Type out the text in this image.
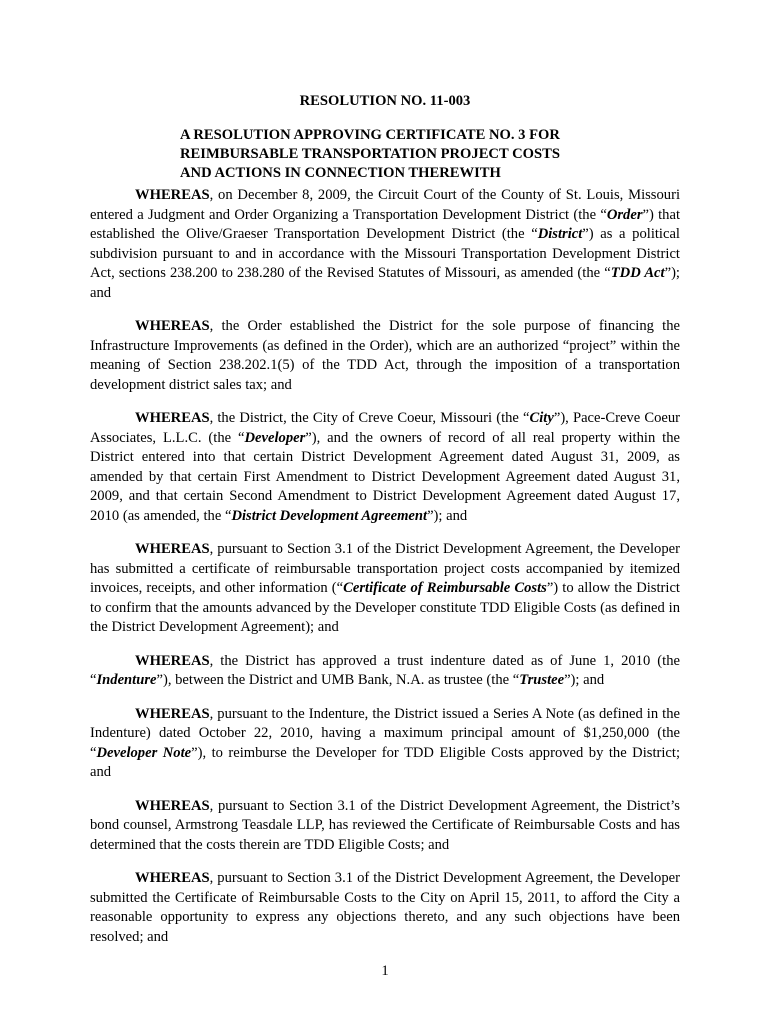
RESOLUTION NO. 11-003

A RESOLUTION APPROVING CERTIFICATE NO. 3 FOR
REIMBURSABLE TRANSPORTATION PROJECT COSTS
AND ACTIONS IN CONNECTION THEREWITH

WHEREAS, on December 8, 2009, the Circuit Court of the County of St. Louis, Missouri entered a Judgment and Order Organizing a Transportation Development District (the “Order”) that established the Olive/Graeser Transportation Development District (the “District”) as a political subdivision pursuant to and in accordance with the Missouri Transportation Development District Act, sections 238.200 to 238.280 of the Revised Statutes of Missouri, as amended (the “TDD Act”); and

WHEREAS, the Order established the District for the sole purpose of financing the Infrastructure Improvements (as defined in the Order), which are an authorized “project” within the meaning of Section 238.202.1(5) of the TDD Act, through the imposition of a transportation development district sales tax; and

WHEREAS, the District, the City of Creve Coeur, Missouri (the “City”), Pace-Creve Coeur Associates, L.L.C. (the “Developer”), and the owners of record of all real property within the District entered into that certain District Development Agreement dated August 31, 2009, as amended by that certain First Amendment to District Development Agreement dated August 31, 2009, and that certain Second Amendment to District Development Agreement dated August 17, 2010 (as amended, the “District Development Agreement”); and

WHEREAS, pursuant to Section 3.1 of the District Development Agreement, the Developer has submitted a certificate of reimbursable transportation project costs accompanied by itemized invoices, receipts, and other information (“Certificate of Reimbursable Costs”) to allow the District to confirm that the amounts advanced by the Developer constitute TDD Eligible Costs (as defined in the District Development Agreement); and

WHEREAS, the District has approved a trust indenture dated as of June 1, 2010 (the “Indenture”), between the District and UMB Bank, N.A. as trustee (the “Trustee”); and

WHEREAS, pursuant to the Indenture, the District issued a Series A Note (as defined in the Indenture) dated October 22, 2010, having a maximum principal amount of $1,250,000 (the “Developer Note”), to reimburse the Developer for TDD Eligible Costs approved by the District; and

WHEREAS, pursuant to Section 3.1 of the District Development Agreement, the District’s bond counsel, Armstrong Teasdale LLP, has reviewed the Certificate of Reimbursable Costs and has determined that the costs therein are TDD Eligible Costs; and

WHEREAS, pursuant to Section 3.1 of the District Development Agreement, the Developer submitted the Certificate of Reimbursable Costs to the City on April 15, 2011, to afford the City a reasonable opportunity to express any objections thereto, and any such objections have been resolved; and

1
